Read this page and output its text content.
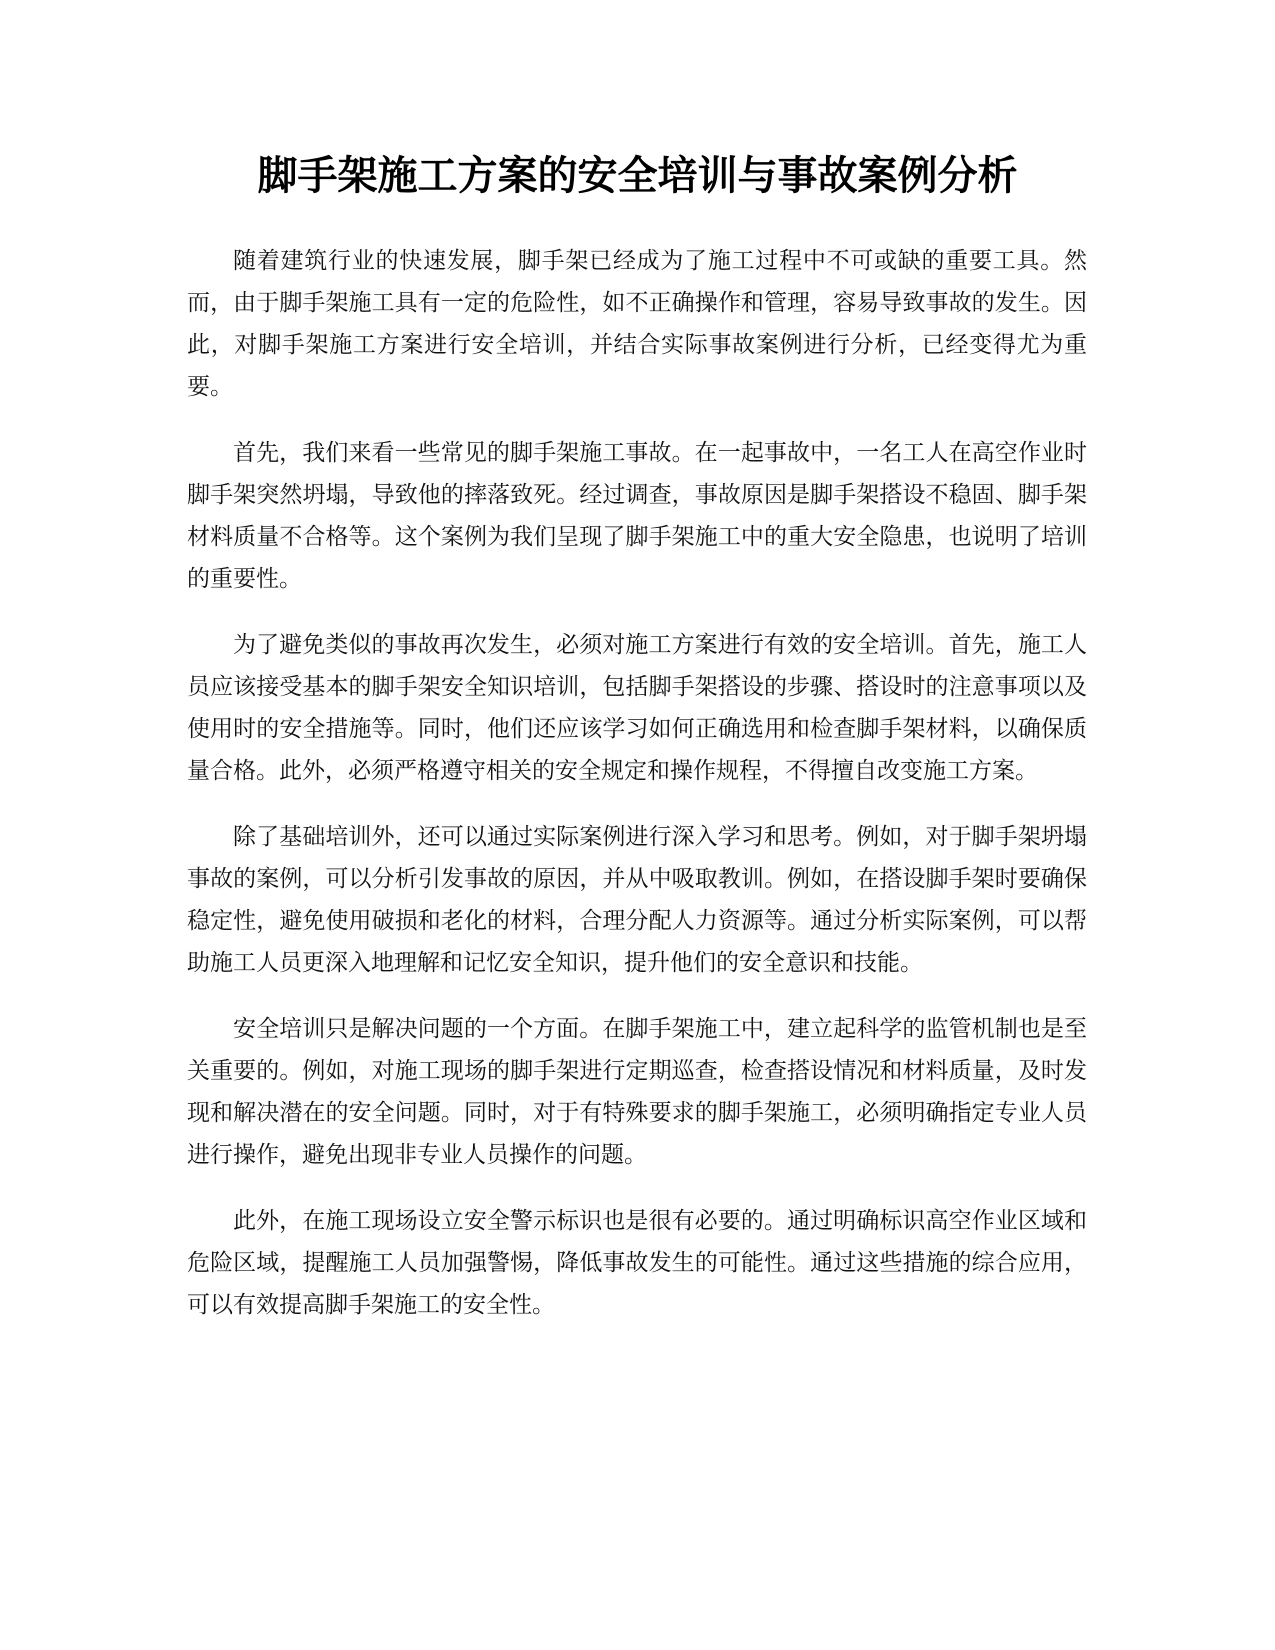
脚手架施工方案的安全培训与事故案例分析

随着建筑行业的快速发展，脚手架已经成为了施工过程中不可或缺的重要工具。然而，由于脚手架施工具有一定的危险性，如不正确操作和管理，容易导致事故的发生。因此，对脚手架施工方案进行安全培训，并结合实际事故案例进行分析，已经变得尤为重要。

首先，我们来看一些常见的脚手架施工事故。在一起事故中，一名工人在高空作业时脚手架突然坍塌，导致他的摔落致死。经过调查，事故原因是脚手架搭设不稳固、脚手架材料质量不合格等。这个案例为我们呈现了脚手架施工中的重大安全隐患，也说明了培训的重要性。

为了避免类似的事故再次发生，必须对施工方案进行有效的安全培训。首先，施工人员应该接受基本的脚手架安全知识培训，包括脚手架搭设的步骤、搭设时的注意事项以及使用时的安全措施等。同时，他们还应该学习如何正确选用和检查脚手架材料，以确保质量合格。此外，必须严格遵守相关的安全规定和操作规程，不得擅自改变施工方案。

除了基础培训外，还可以通过实际案例进行深入学习和思考。例如，对于脚手架坍塌事故的案例，可以分析引发事故的原因，并从中吸取教训。例如，在搭设脚手架时要确保稳定性，避免使用破损和老化的材料，合理分配人力资源等。通过分析实际案例，可以帮助施工人员更深入地理解和记忆安全知识，提升他们的安全意识和技能。

安全培训只是解决问题的一个方面。在脚手架施工中，建立起科学的监管机制也是至关重要的。例如，对施工现场的脚手架进行定期巡查，检查搭设情况和材料质量，及时发现和解决潜在的安全问题。同时，对于有特殊要求的脚手架施工，必须明确指定专业人员进行操作，避免出现非专业人员操作的问题。

此外，在施工现场设立安全警示标识也是很有必要的。通过明确标识高空作业区域和危险区域，提醒施工人员加强警惕，降低事故发生的可能性。通过这些措施的综合应用，可以有效提高脚手架施工的安全性。
